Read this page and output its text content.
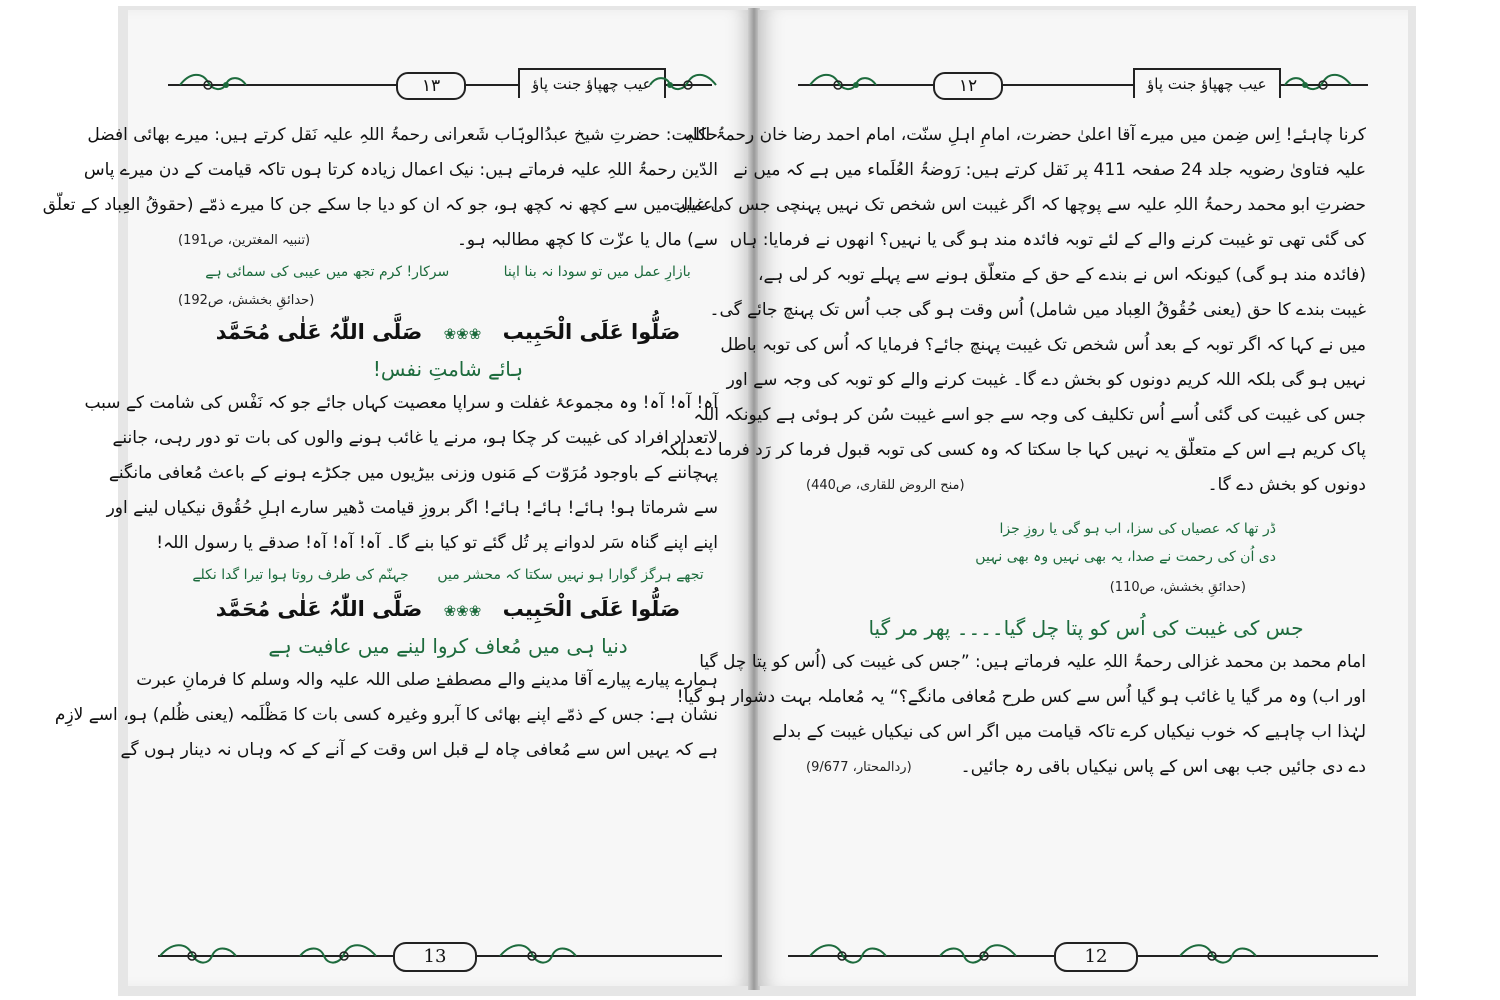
۱۳	عیب چھپاؤ جنت پاؤ
حکایت: حضرتِ شیخ عبدُالوہّاب شَعرانی رحمۃُ اللہِ علیہ نَقل کرتے ہیں: میرے بھائی افضل
الدّین رحمۃُ اللہِ علیہ فرماتے ہیں: نیک اعمال زیادہ کرتا ہوں تاکہ قیامت کے دن میرے پاس
اعمال میں سے کچھ نہ کچھ ہو، جو کہ ان کو دیا جا سکے جن کا میرے ذمّے (حقوقُ العِباد کے تعلّق
سے) مال یا عزّت کا کچھ مطالبہ ہو۔
(تنبیہ المغترین، ص191)
بازارِ عمل میں تو سودا نہ بنا اپنا
سرکار! کرم تجھ میں عیبی کی سمائی ہے
(حدائقِ بخشش، ص192)
صَلُّوا عَلَی الْحَبِیب ❀❀❀ صَلَّی اللّٰہُ عَلٰی مُحَمَّد
ہائے شامتِ نفس!
آہ! آہ! آہ! وہ مجموعۂ غفلت و سراپا معصیت کہاں جائے جو کہ نَفْس کی شامت کے سبب
لاتعداد افراد کی غیبت کر چکا ہو، مرنے یا غائب ہونے والوں کی بات تو دور رہی، جاننے
پہچاننے کے باوجود مُرَوّت کے مَنوں وزنی بیڑیوں میں جکڑے ہونے کے باعث مُعافی مانگنے
سے شرماتا ہو! ہائے! ہائے! ہائے! اگر بروزِ قیامت ڈھیر سارے اہلِ حُقُوق نیکیاں لینے اور
اپنے اپنے گناہ سَر لدوانے پر تُل گئے تو کیا بنے گا۔ آہ! آہ! آہ! صدقے یا رسول اللہ!
تجھے ہرگز گوارا ہو نہیں سکتا کہ محشر میں
جہنّم کی طرف روتا ہوا تیرا گدا نکلے
صَلُّوا عَلَی الْحَبِیب ❀❀❀ صَلَّی اللّٰہُ عَلٰی مُحَمَّد
دنیا ہی میں مُعاف کروا لینے میں عافیت ہے
ہمارے پیارے پیارے آقا مدینے والے مصطفےٰ صلی اللہ علیہ والہ وسلم کا فرمانِ عبرت
نشان ہے: جس کے ذمّے اپنے بھائی کا آبرو وغیرہ کسی بات کا مَظْلَمہ (یعنی ظُلم) ہو، اسے لازِم
ہے کہ یہیں اس سے مُعافی چاہ لے قبل اس وقت کے آنے کے کہ وہاں نہ دینار ہوں گے
13
۱۲	عیب چھپاؤ جنت پاؤ
کرنا چاہئے! اِس ضِمن میں میرے آقا اعلیٰ حضرت، امامِ اہلِ سنّت، امام احمد رضا خان رحمۃُ اللہ
علیہ فتاویٰ رضویہ جلد 24 صفحہ 411 پر نَقل کرتے ہیں: رَوضۃُ العُلَماء میں ہے کہ میں نے
حضرتِ ابو محمد رحمۃُ اللہِ علیہ سے پوچھا کہ اگر غیبت اس شخص تک نہیں پہنچی جس کی غیبت
کی گئی تھی تو غیبت کرنے والے کے لئے توبہ فائدہ مند ہو گی یا نہیں؟ انھوں نے فرمایا: ہاں
(فائدہ مند ہو گی) کیونکہ اس نے بندے کے حق کے متعلّق ہونے سے پہلے توبہ کر لی ہے،
غیبت بندے کا حق (یعنی حُقُوقُ العِباد میں شامل) اُس وقت ہو گی جب اُس تک پہنچ جائے گی۔
میں نے کہا کہ اگر توبہ کے بعد اُس شخص تک غیبت پہنچ جائے؟ فرمایا کہ اُس کی توبہ باطل
نہیں ہو گی بلکہ اللہ کریم دونوں کو بخش دے گا۔ غیبت کرنے والے کو توبہ کی وجہ سے اور
جس کی غیبت کی گئی اُسے اُس تکلیف کی وجہ سے جو اسے غیبت سُن کر ہوئی ہے کیونکہ اللہ
پاک کریم ہے اس کے متعلّق یہ نہیں کہا جا سکتا کہ وہ کسی کی توبہ قبول فرما کر رَد فرما دے بلکہ
دونوں کو بخش دے گا۔
(منح الروض للقاری، ص440)
ڈر تھا کہ عصیاں کی سزا، اب ہو گی یا روزِ جزا
دی اُن کی رحمت نے صدا، یہ بھی نہیں وہ بھی نہیں
(حدائقِ بخشش، ص110)
جس کی غیبت کی اُس کو پتا چل گیا۔۔۔۔ پھر مر گیا
امام محمد بن محمد غزالی رحمۃُ اللہِ علیہ فرماتے ہیں: ”جس کی غیبت کی (اُس کو پتا چل گیا
اور اب) وہ مر گیا یا غائب ہو گیا اُس سے کس طرح مُعافی مانگے؟“ یہ مُعاملہ بہت دشوار ہو گیا!
لہٰذا اب چاہیے کہ خوب نیکیاں کرے تاکہ قیامت میں اگر اس کی نیکیاں غیبت کے بدلے
دے دی جائیں جب بھی اس کے پاس نیکیاں باقی رہ جائیں۔
(ردالمحتار، 9/677)
12
